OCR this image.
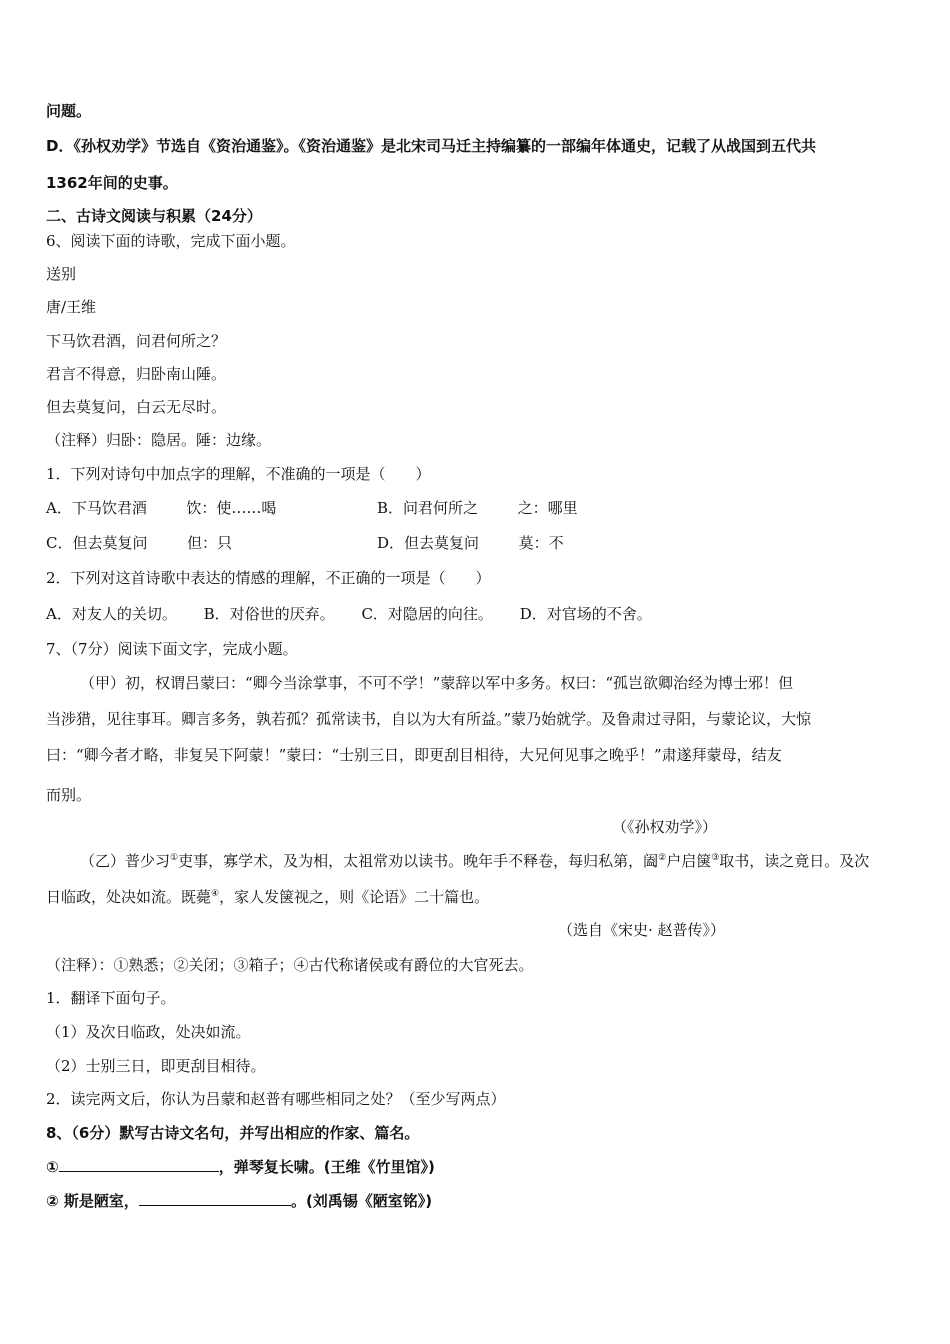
问题。
D．《孙权劝学》节选自《资治通鉴》。《资治通鉴》是北宋司马迁主持编纂的一部编年体通史，记载了从战国到五代共
1362年间的史事。
二、古诗文阅读与积累（24分）
6、阅读下面的诗歌，完成下面小题。
送别
唐/王维
下马饮君酒，问君何所之？
君言不得意，归卧南山陲。
但去莫复问，白云无尽时。
（注释）归卧：隐居。陲：边缘。
1．下列对诗句中加点字的理解，不准确的一项是（　　）
A．下马饮君酒	饮：使……喝	B．问君何所之	之：哪里
C．但去莫复问	但：只	D．但去莫复问	莫：不
2．下列对这首诗歌中表达的情感的理解，不正确的一项是（　　）
A．对友人的关切。 B．对俗世的厌弃。 C．对隐居的向往。 D．对官场的不舍。
7、（7分）阅读下面文字，完成小题。
（甲）初，权谓吕蒙曰：“卿今当涂掌事，不可不学！”蒙辞以军中多务。权曰：“孤岂欲卿治经为博士邪！但
当涉猎，见往事耳。卿言多务，孰若孤？孤常读书，自以为大有所益。”蒙乃始就学。及鲁肃过寻阳，与蒙论议，大惊
曰：“卿今者才略，非复吴下阿蒙！”蒙曰：“士别三日，即更刮目相待，大兄何见事之晚乎！”肃遂拜蒙母，结友
而别。
（《孙权劝学》）
（乙）普少习①吏事，寡学术，及为相，太祖常劝以读书。晚年手不释卷，每归私第，阖②户启箧③取书，读之竟日。及次
日临政，处决如流。既薨④，家人发箧视之，则《论语》二十篇也。
（选自《宋史· 赵普传》）
（注释）：①熟悉；②关闭；③箱子；④古代称诸侯或有爵位的大官死去。
1．翻译下面句子。
（1）及次日临政，处决如流。
（2）士别三日，即更刮目相待。
2．读完两文后，你认为吕蒙和赵普有哪些相同之处？（至少写两点）
8、（6分）默写古诗文名句，并写出相应的作家、篇名。
①	，弹琴复长啸。(王维《竹里馆》)
② 斯是陋室，	。(刘禹锡《陋室铭》)
